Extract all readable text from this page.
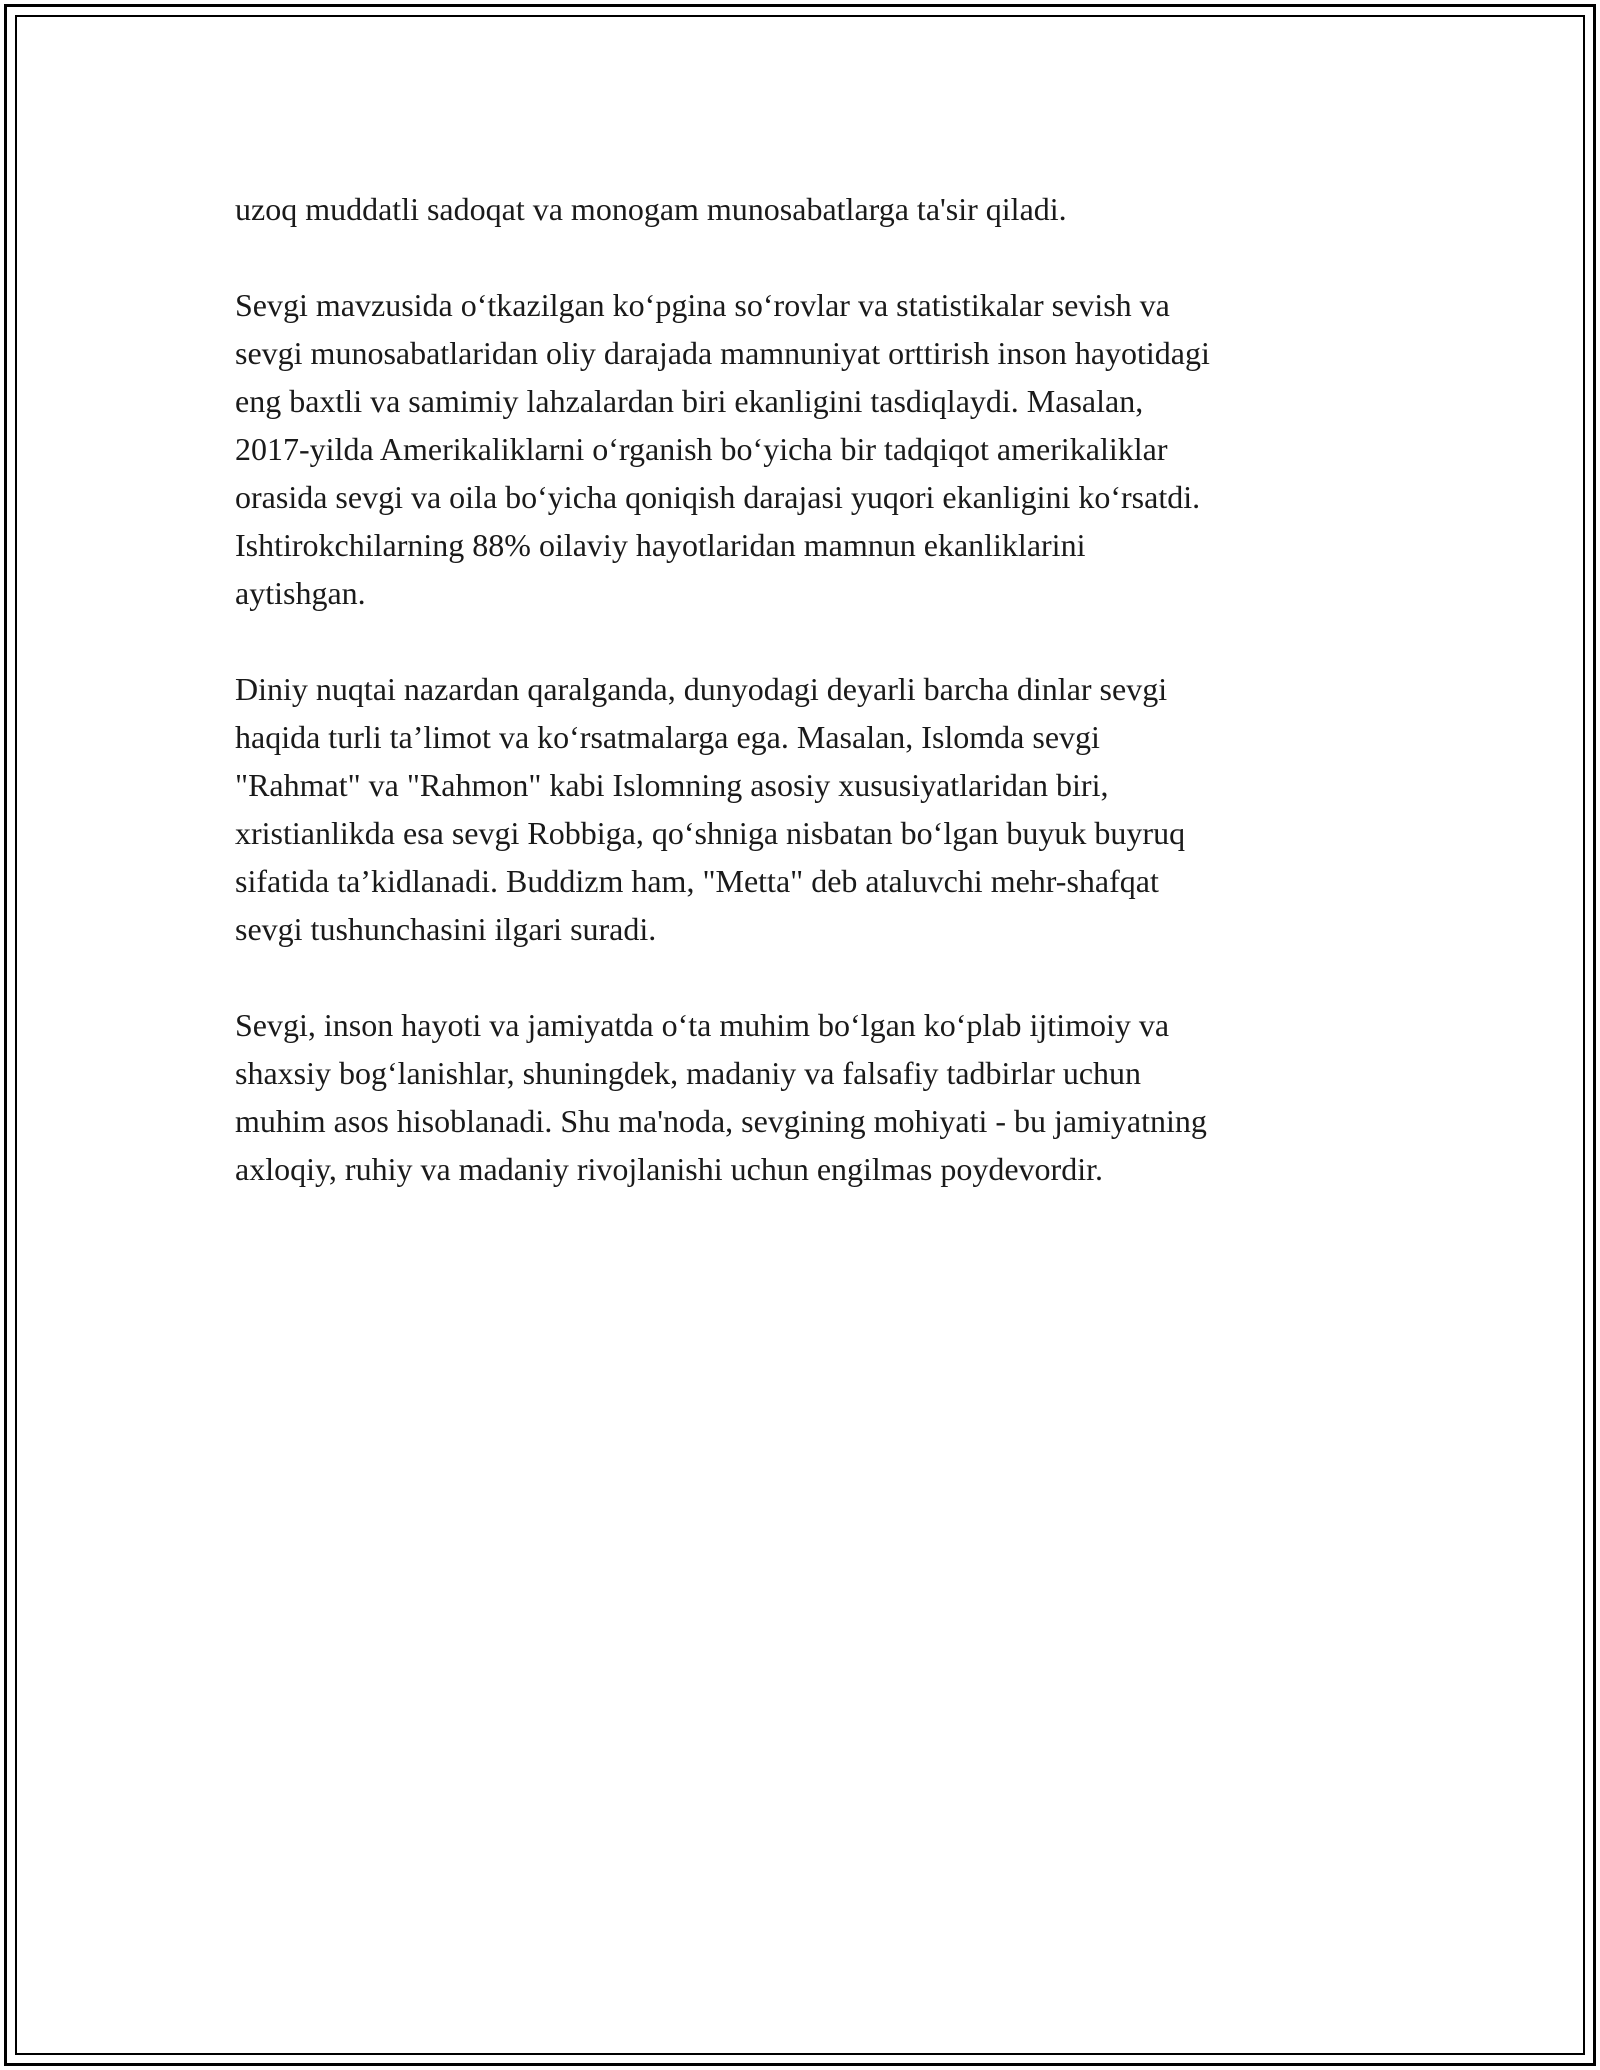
uzoq muddatli sadoqat va monogam munosabatlarga ta'sir qiladi.

Sevgi mavzusida o‘tkazilgan ko‘pgina so‘rovlar va statistikalar sevish va
sevgi munosabatlaridan oliy darajada mamnuniyat orttirish inson hayotidagi
eng baxtli va samimiy lahzalardan biri ekanligini tasdiqlaydi. Masalan,
2017-yilda Amerikaliklarni o‘rganish bo‘yicha bir tadqiqot amerikaliklar
orasida sevgi va oila bo‘yicha qoniqish darajasi yuqori ekanligini ko‘rsatdi.
Ishtirokchilarning 88% oilaviy hayotlaridan mamnun ekanliklarini
aytishgan.

Diniy nuqtai nazardan qaralganda, dunyodagi deyarli barcha dinlar sevgi
haqida turli ta’limot va ko‘rsatmalarga ega. Masalan, Islomda sevgi
"Rahmat" va "Rahmon" kabi Islomning asosiy xususiyatlaridan biri,
xristianlikda esa sevgi Robbiga, qo‘shniga nisbatan bo‘lgan buyuk buyruq
sifatida ta’kidlanadi. Buddizm ham, "Metta" deb ataluvchi mehr-shafqat
sevgi tushunchasini ilgari suradi.

Sevgi, inson hayoti va jamiyatda o‘ta muhim bo‘lgan ko‘plab ijtimoiy va
shaxsiy bog‘lanishlar, shuningdek, madaniy va falsafiy tadbirlar uchun
muhim asos hisoblanadi. Shu ma'noda, sevgining mohiyati - bu jamiyatning
axloqiy, ruhiy va madaniy rivojlanishi uchun engilmas poydevordir.
